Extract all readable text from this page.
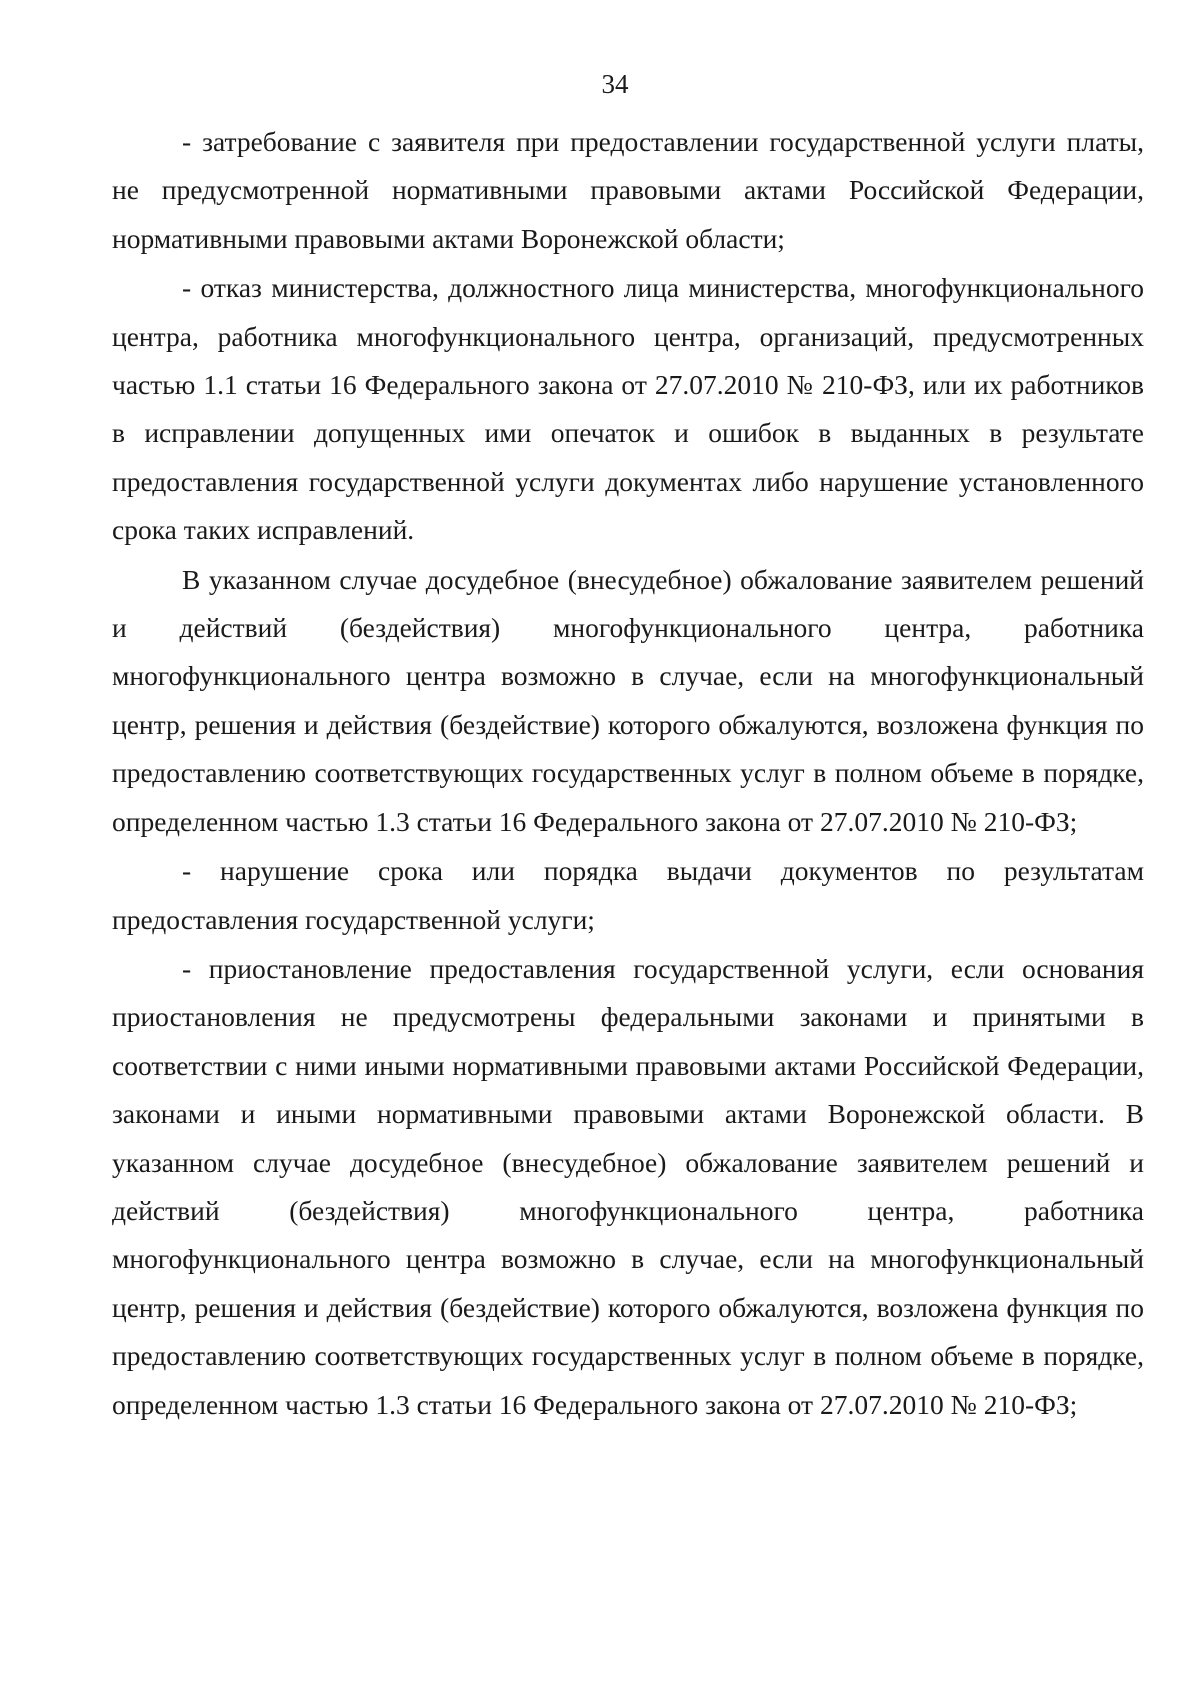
34

- затребование с заявителя при предоставлении государственной услуги платы, не предусмотренной нормативными правовыми актами Российской Федерации, нормативными правовыми актами Воронежской области;

- отказ министерства, должностного лица министерства, многофункционального центра, работника многофункционального центра, организаций, предусмотренных частью 1.1 статьи 16 Федерального закона от 27.07.2010 № 210-ФЗ, или их работников в исправлении допущенных ими опечаток и ошибок в выданных в результате предоставления государственной услуги документах либо нарушение установленного срока таких исправлений.

В указанном случае досудебное (внесудебное) обжалование заявителем решений и действий (бездействия) многофункционального центра, работника многофункционального центра возможно в случае, если на многофункциональный центр, решения и действия (бездействие) которого обжалуются, возложена функция по предоставлению соответствующих государственных услуг в полном объеме в порядке, определенном частью 1.3 статьи 16 Федерального закона от 27.07.2010 № 210-ФЗ;

- нарушение срока или порядка выдачи документов по результатам предоставления государственной услуги;

- приостановление предоставления государственной услуги, если основания приостановления не предусмотрены федеральными законами и принятыми в соответствии с ними иными нормативными правовыми актами Российской Федерации, законами и иными нормативными правовыми актами Воронежской области. В указанном случае досудебное (внесудебное) обжалование заявителем решений и действий (бездействия) многофункционального центра, работника многофункционального центра возможно в случае, если на многофункциональный центр, решения и действия (бездействие) которого обжалуются, возложена функция по предоставлению соответствующих государственных услуг в полном объеме в порядке, определенном частью 1.3 статьи 16 Федерального закона от 27.07.2010 № 210-ФЗ;
